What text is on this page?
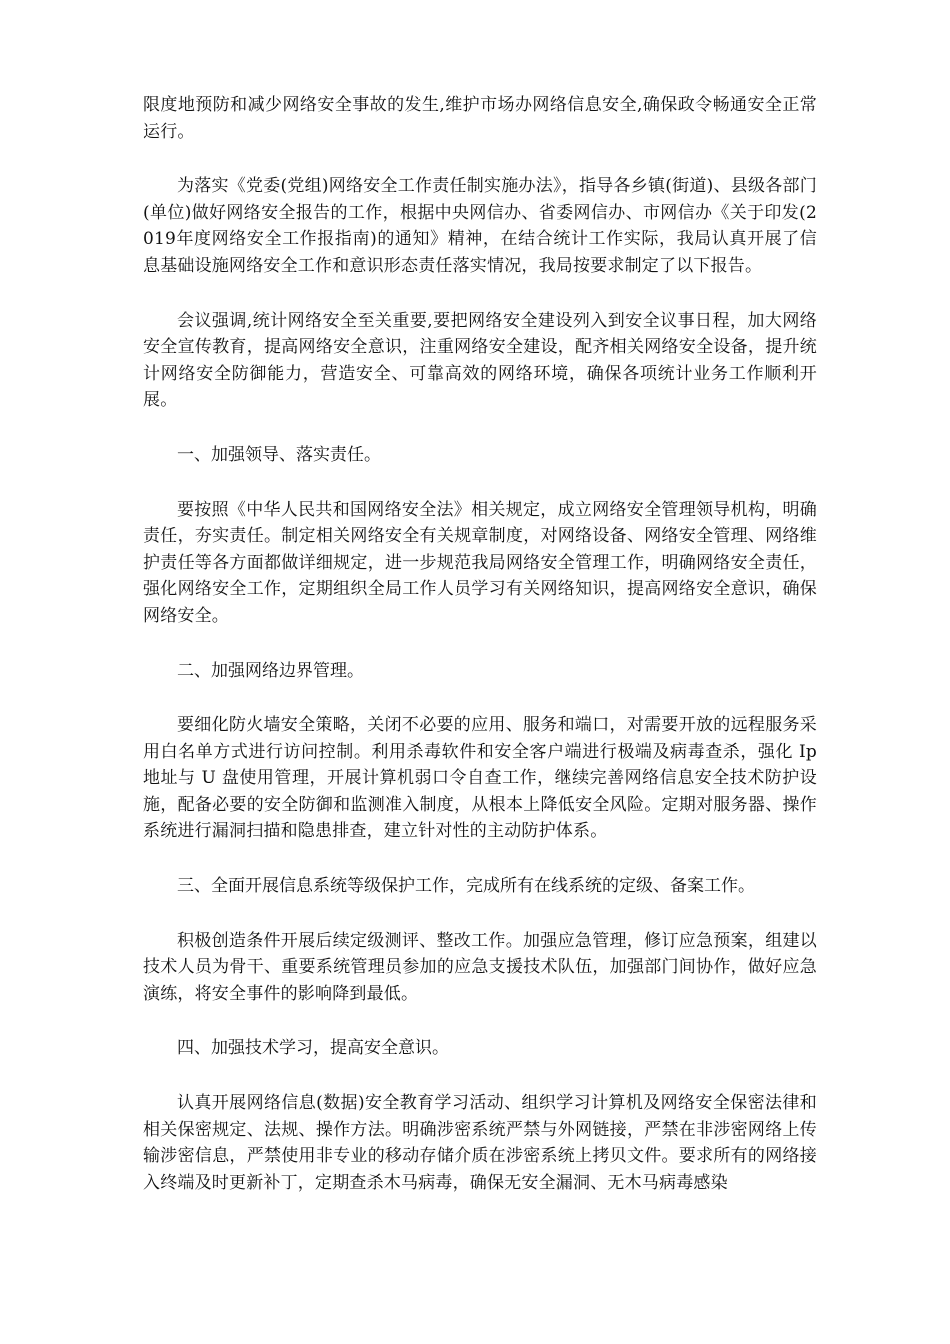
限度地预防和减少网络安全事故的发生,维护市场办网络信息安全,确保政令畅通安全正常运行。

为落实《党委(党组)网络安全工作责任制实施办法》，指导各乡镇(街道)、县级各部门(单位)做好网络安全报告的工作，根据中央网信办、省委网信办、市网信办《关于印发(2019年度网络安全工作报指南)的通知》精神，在结合统计工作实际，我局认真开展了信息基础设施网络安全工作和意识形态责任落实情况，我局按要求制定了以下报告。

会议强调,统计网络安全至关重要,要把网络安全建设列入到安全议事日程，加大网络安全宣传教育，提高网络安全意识，注重网络安全建设，配齐相关网络安全设备，提升统计网络安全防御能力，营造安全、可靠高效的网络环境，确保各项统计业务工作顺利开展。

一、加强领导、落实责任。

要按照《中华人民共和国网络安全法》相关规定，成立网络安全管理领导机构，明确责任，夯实责任。制定相关网络安全有关规章制度，对网络设备、网络安全管理、网络维护责任等各方面都做详细规定，进一步规范我局网络安全管理工作，明确网络安全责任，强化网络安全工作，定期组织全局工作人员学习有关网络知识，提高网络安全意识，确保网络安全。

二、加强网络边界管理。

要细化防火墙安全策略，关闭不必要的应用、服务和端口，对需要开放的远程服务采用白名单方式进行访问控制。利用杀毒软件和安全客户端进行极端及病毒查杀，强化 Ip 地址与 U 盘使用管理，开展计算机弱口令自查工作，继续完善网络信息安全技术防护设施，配备必要的安全防御和监测准入制度，从根本上降低安全风险。定期对服务器、操作系统进行漏洞扫描和隐患排查，建立针对性的主动防护体系。

三、全面开展信息系统等级保护工作，完成所有在线系统的定级、备案工作。

积极创造条件开展后续定级测评、整改工作。加强应急管理，修订应急预案，组建以技术人员为骨干、重要系统管理员参加的应急支援技术队伍，加强部门间协作，做好应急演练，将安全事件的影响降到最低。

四、加强技术学习，提高安全意识。

认真开展网络信息(数据)安全教育学习活动、组织学习计算机及网络安全保密法律和相关保密规定、法规、操作方法。明确涉密系统严禁与外网链接，严禁在非涉密网络上传输涉密信息，严禁使用非专业的移动存储介质在涉密系统上拷贝文件。要求所有的网络接入终端及时更新补丁，定期查杀木马病毒，确保无安全漏洞、无木马病毒感染
